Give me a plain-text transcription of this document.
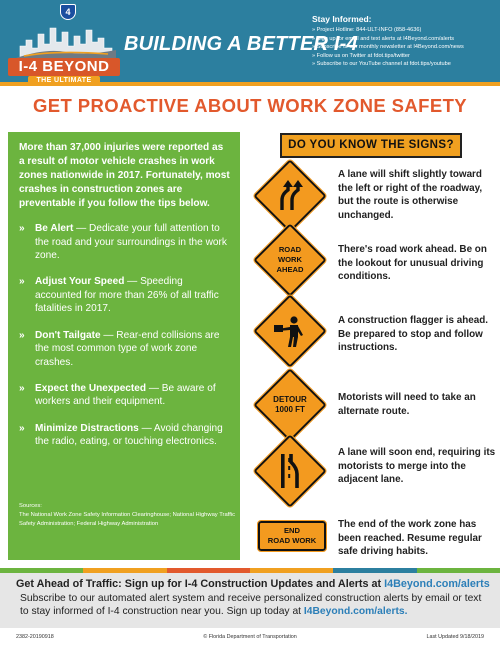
4
I-4 BEYOND
THE ULTIMATE
BUILDING A BETTER I-4
Stay Informed:
» Project Hotline: 844-ULT-INFO (858-4636)
» Sign up for email and text alerts at I4Beyond.com/alerts
» Subscribe to our monthly newsletter at I4Beyond.com/news
» Follow us on Twitter at fdot.tips/twitter
» Subscribe to our YouTube channel at fdot.tips/youtube
GET PROACTIVE ABOUT WORK ZONE SAFETY

More than 37,000 injuries were reported as a result of motor vehicle crashes in work zones nationwide in 2017. Fortunately, most crashes in construction zones are preventable if you follow the tips below.

» Be Alert — Dedicate your full attention to the road and your surroundings in the work zone.
» Adjust Your Speed — Speeding accounted for more than 26% of all traffic fatalities in 2017.
» Don't Tailgate — Rear-end collisions are the most common type of work zone crashes.
» Expect the Unexpected — Be aware of workers and their equipment.
» Minimize Distractions — Avoid changing the radio, eating, or touching electronics.
Sources:
The National Work Zone Safety Information Clearinghouse; National Highway Traffic Safety Administration; Federal Highway Administration
DO YOU KNOW THE SIGNS?
A lane will shift slightly toward the left or right of the roadway, but the route is otherwise unchanged.
ROAD
WORK
AHEAD
There's road work ahead. Be on the lookout for unusual driving conditions.
A construction flagger is ahead. Be prepared to stop and follow instructions.
DETOUR
1000 FT
Motorists will need to take an alternate route.
A lane will soon end, requiring its motorists to merge into the adjacent lane.
END
ROAD WORK
The end of the work zone has been reached. Resume regular safe driving habits.
Get Ahead of Traffic: Sign up for I-4 Construction Updates and Alerts at I4Beyond.com/alerts
Subscribe to our automated alert system and receive personalized construction alerts by email or text to stay informed of I-4 construction near you. Sign up today at I4Beyond.com/alerts.
2382-20190918	© Florida Department of Transportation	Last Updated 9/18/2019
